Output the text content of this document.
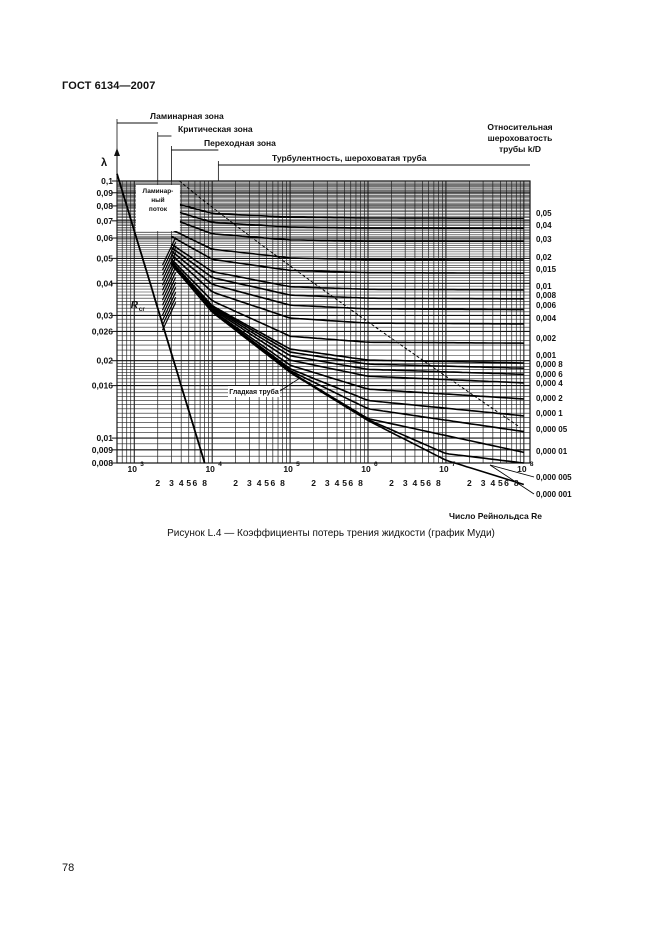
ГОСТ 6134—2007
0,1
0,09
0,08
0,07
0,06
0,05
0,04
0,03
0,026
0,02
0,016
0,01
0,009
0,008
λ
10 3	10 4	10 5	10 6	10 7	10 8
2 3 4 5 6 8	2 3 4 5 6 8	2 3 4 5 6 8	2 3 4 5 6 8	2 3 4 5 6 8
Число Рейнольдса Re
Ламинарная зона
Критическая зона
Переходная зона
Турбулентность, шероховатая труба
Относительная
шероховатость
трубы k/D
0,05
0,04
0,03
0,02
0,015
0,01
0,008
0,006
0,004
0,002
0,001
0,000 8
0,000 6
0,000 4
0,000 2
0,000 1
0,000 05
0,000 01
0,000 005
0,000 001
Ламинар-
ный
поток
R cr
Гладкая труба
Рисунок L.4 — Коэффициенты потерь трения жидкости (график Муди)
78
